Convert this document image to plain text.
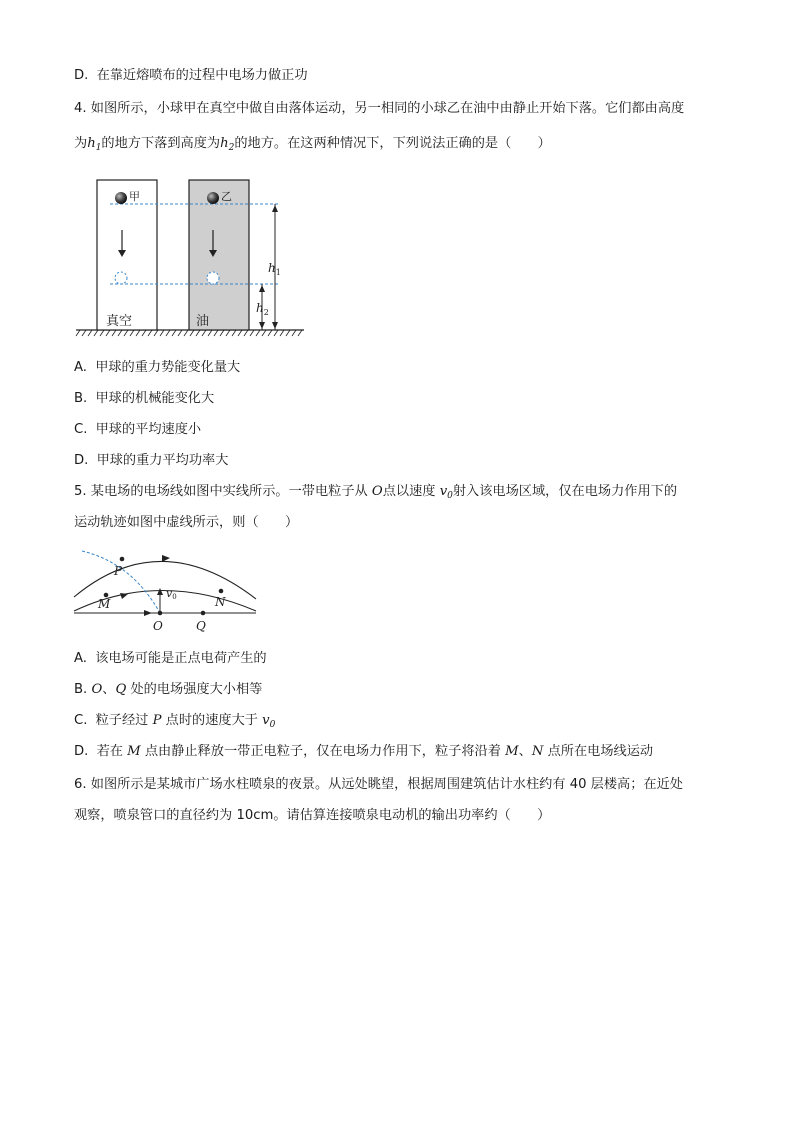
D. 在靠近熔喷布的过程中电场力做正功
4. 如图所示，小球甲在真空中做自由落体运动，另一相同的小球乙在油中由静止开始下落。它们都由高度
为$h_1$的地方下落到高度为$h_2$的地方。在这两种情况下，下列说法正确的是（　　）
甲	乙
真空	油
$h_1$
$h_2$
A. 甲球的重力势能变化量大
B. 甲球的机械能变化大
C. 甲球的平均速度小
D. 甲球的重力平均功率大
5. 某电场的电场线如图中实线所示。一带电粒子从 O点以速度 $v_0$射入该电场区域，仅在电场力作用下的
运动轨迹如图中虚线所示，则（　　）
P
M	N
O	Q
v0
A. 该电场可能是正点电荷产生的
B. O、Q 处的电场强度大小相等
C. 粒子经过 P 点时的速度大于 $v_0$
D. 若在 M 点由静止释放一带正电粒子，仅在电场力作用下，粒子将沿着 M、N 点所在电场线运动
6. 如图所示是某城市广场水柱喷泉的夜景。从远处眺望，根据周围建筑估计水柱约有 40 层楼高；在近处
观察，喷泉管口的直径约为 10cm。请估算连接喷泉电动机的输出功率约（　　）
